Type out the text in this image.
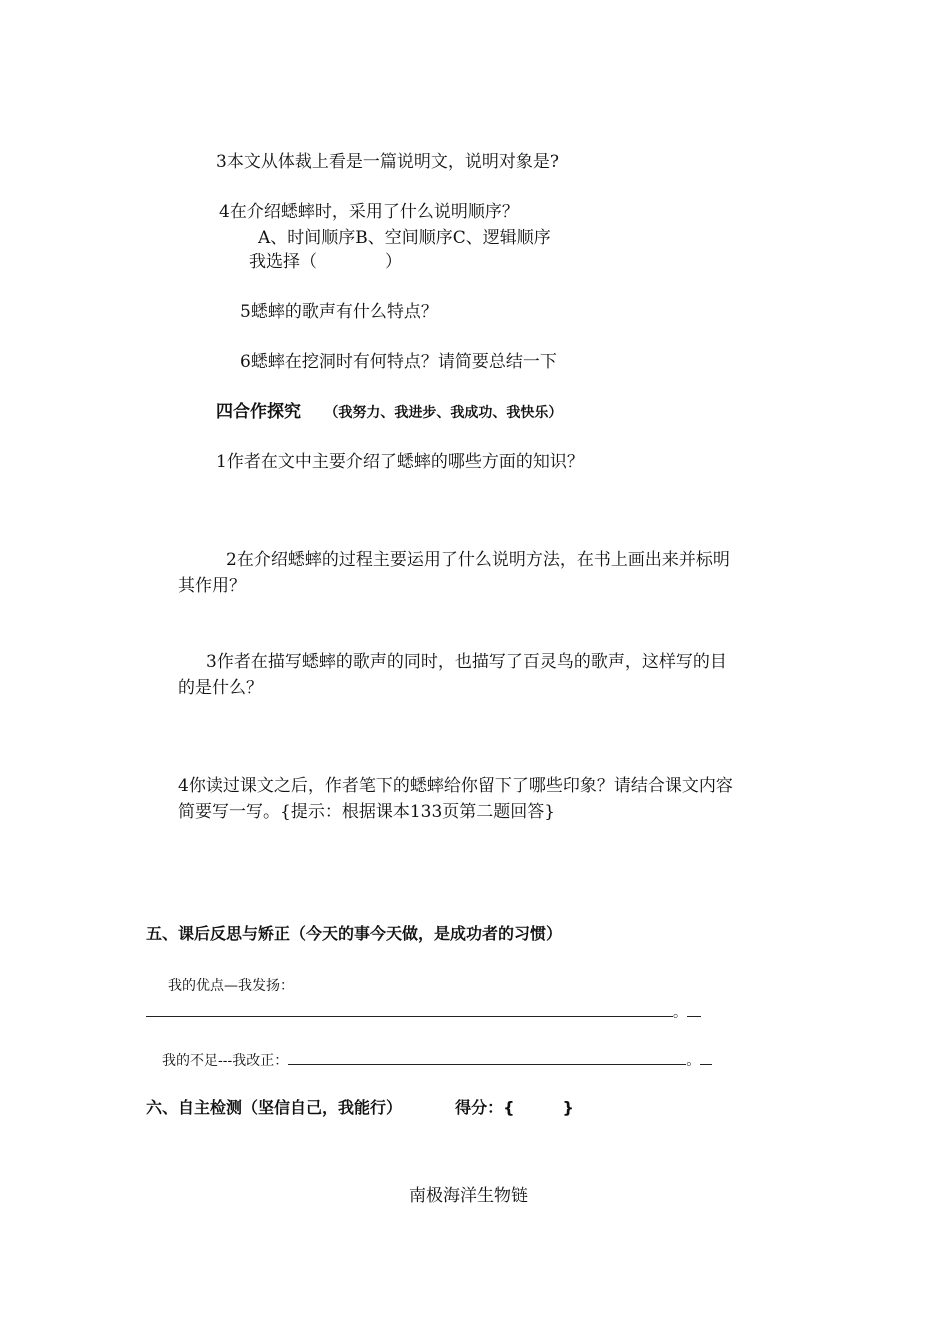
3本文从体裁上看是一篇说明文，说明对象是?
4在介绍蟋蟀时，采用了什么说明顺序？
A、时间顺序B、空间顺序C、逻辑顺序
我选择（　　　　）
5蟋蟀的歌声有什么特点？
6蟋蟀在挖洞时有何特点？请简要总结一下
四合作探究 （我努力、我进步、我成功、我快乐）
1作者在文中主要介绍了蟋蟀的哪些方面的知识？
2在介绍蟋蟀的过程主要运用了什么说明方法，在书上画出来并标明
其作用？
3作者在描写蟋蟀的歌声的同时，也描写了百灵鸟的歌声，这样写的目
的是什么？
4你读过课文之后，作者笔下的蟋蟀给你留下了哪些印象？请结合课文内容
简要写一写。{提示：根据课本133页第二题回答}
五、课后反思与矫正（今天的事今天做，是成功者的习惯）
我的优点—我发扬：
。
我的不足---我改正：	。
六、自主检测（坚信自己，我能行）	得分：{　　　}
南极海洋生物链
